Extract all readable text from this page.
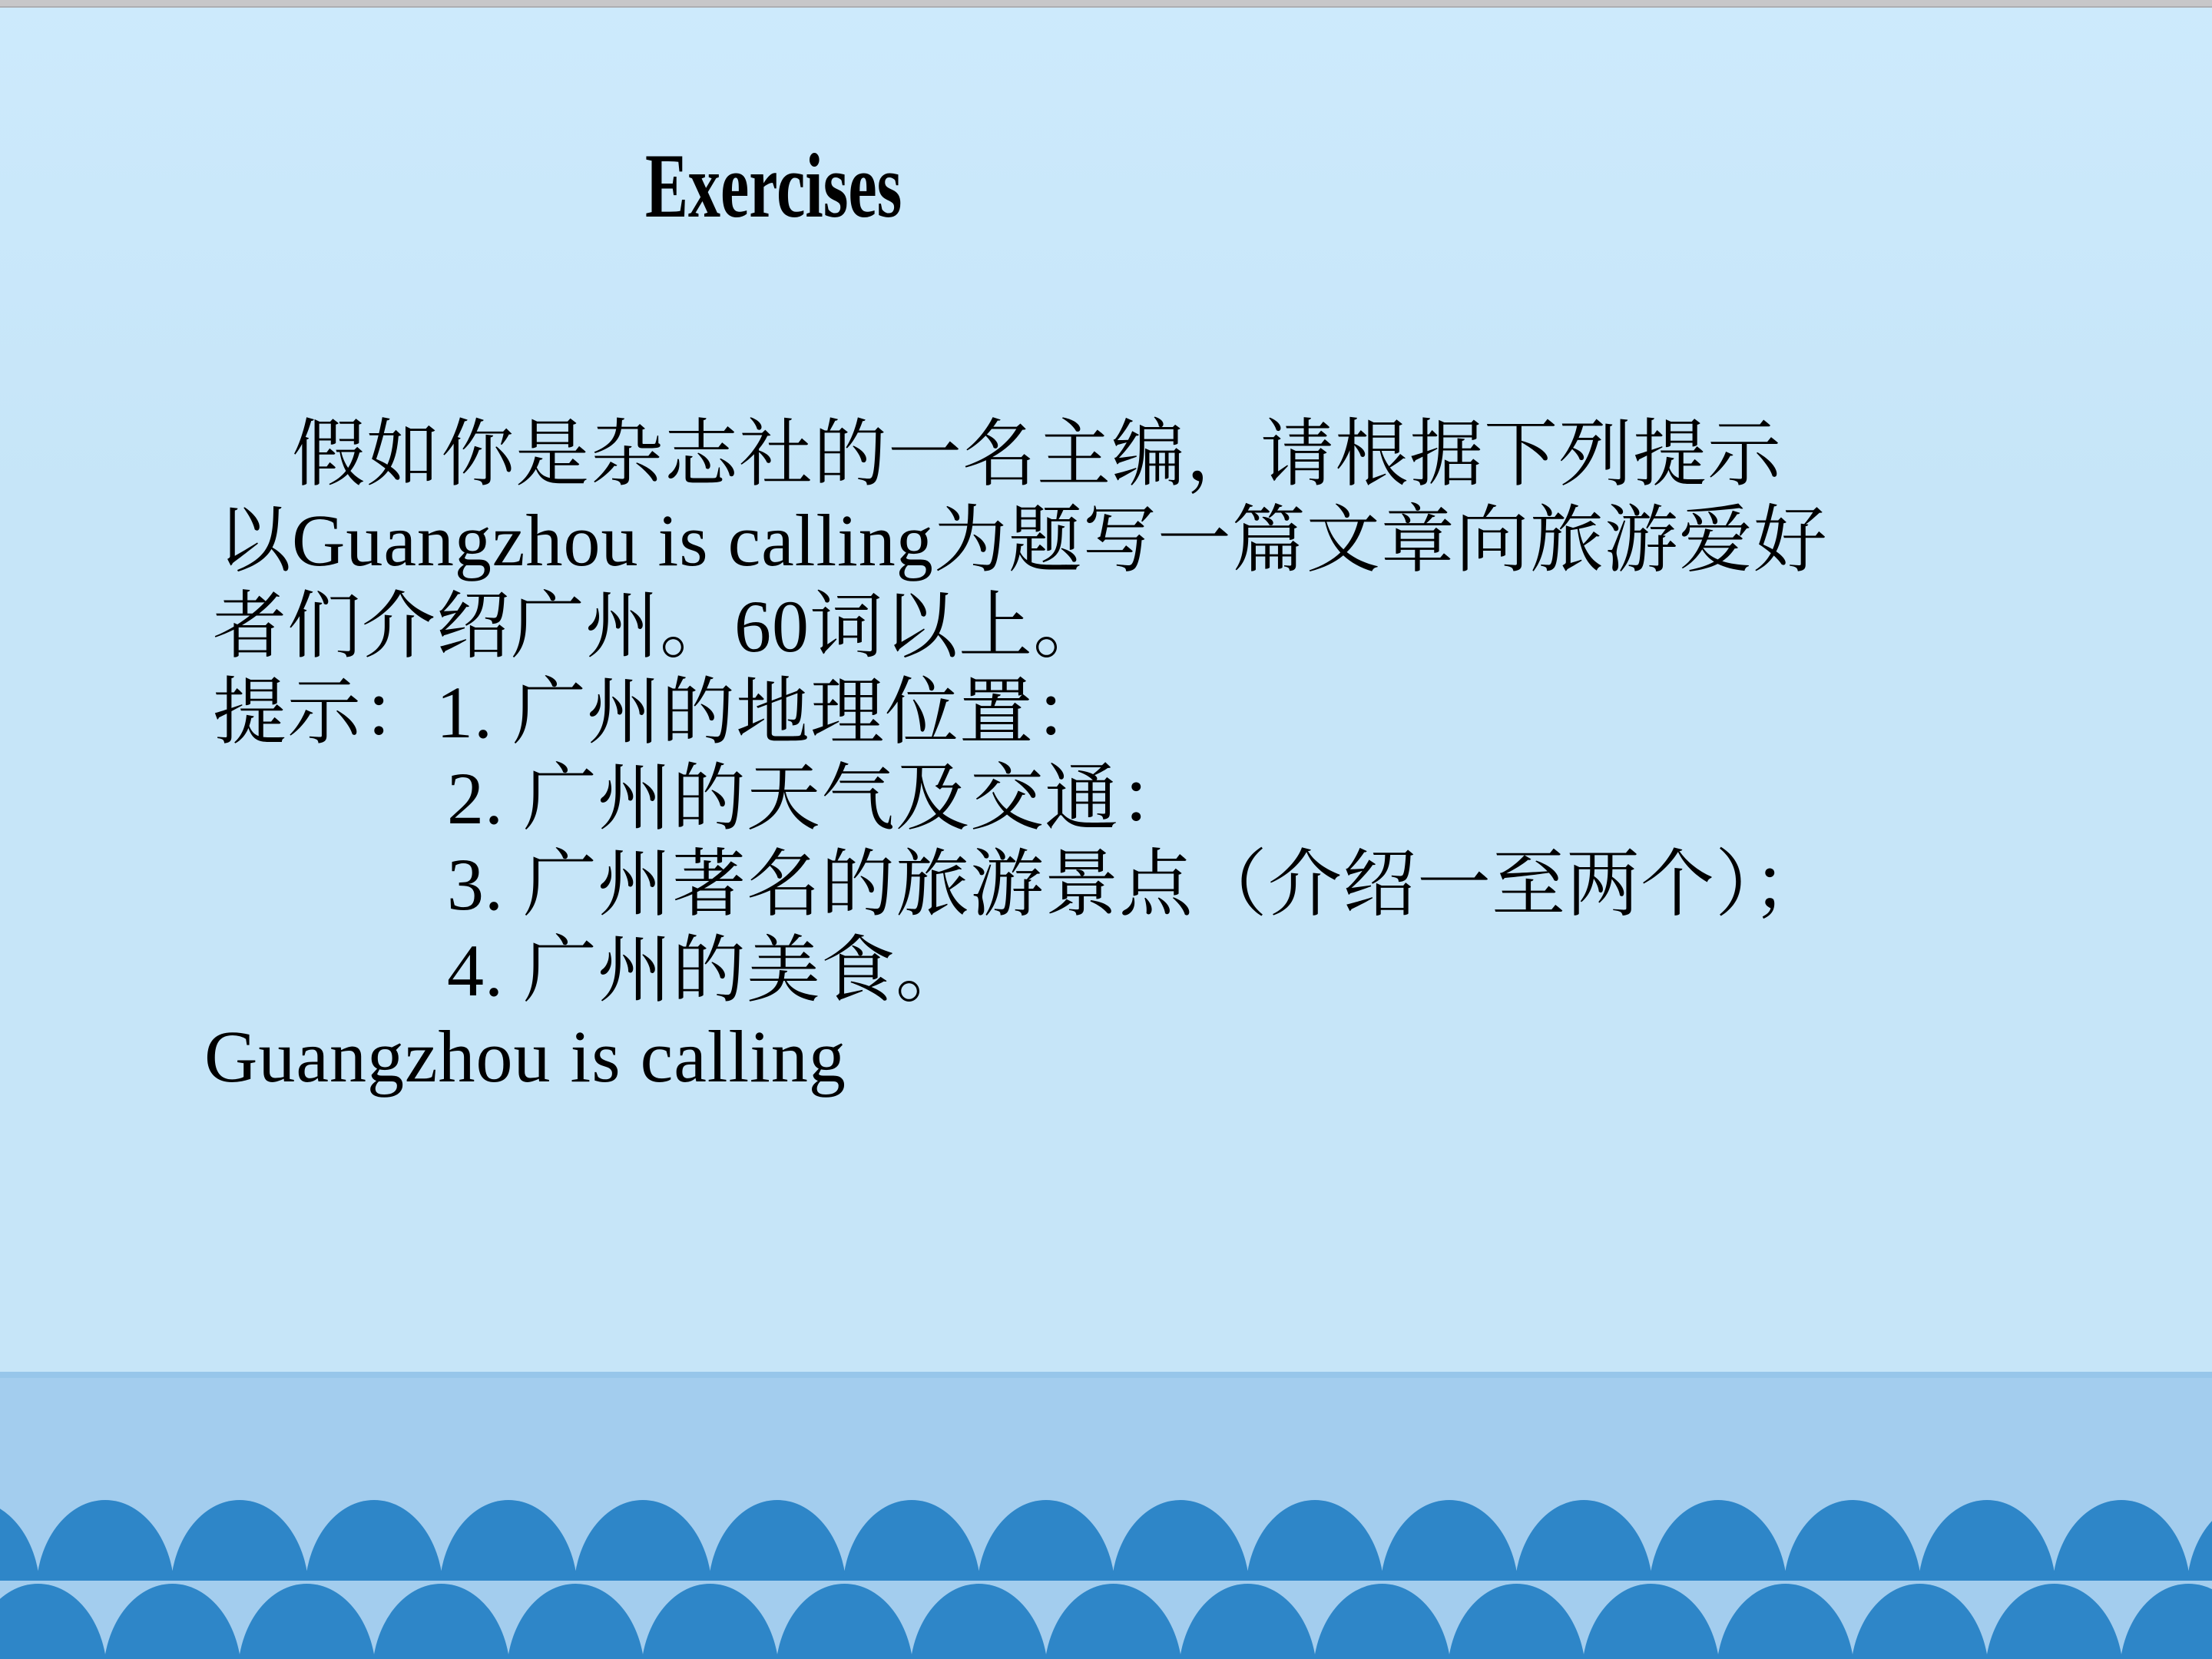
Exercises
假如你是杂志社的一名主编，请根据下列提示
以Guangzhou is calling为题写一篇文章向旅游爱好
者们介绍广州。60词以上。
提示：1. 广州的地理位置：
2. 广州的天气及交通：
3. 广州著名的旅游景点（介绍一至两个）；
4. 广州的美食。
Guangzhou is calling
